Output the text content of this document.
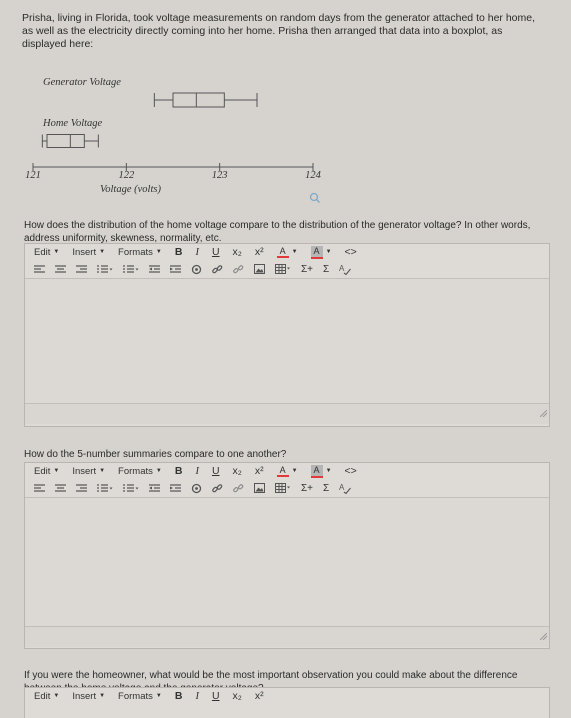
Prisha, living in Florida, took voltage measurements on random days from the generator attached to her home, as well as the electricity directly coming into her home. Prisha then arranged that data into a boxplot, as displayed here:
Generator Voltage
Home Voltage
121	122	123	124
Voltage (volts)
How does the distribution of the home voltage compare to the distribution of the generator voltage? In other words, address uniformity, skewness, normality, etc.
Edit ▼ Insert ▼ Formats ▼ B I U x₂ x²	A	▼	A	▼ <>
Σ+ Σ A
How do the 5-number summaries compare to one another?
Edit ▼ Insert ▼ Formats ▼ B I U x₂ x²	A	▼	A	▼ <>
Σ+ Σ A
If you were the homeowner, what would be the most important observation you could make about the difference
Edit ▼ Insert ▼ Formats ▼ B I U x₂ x²
